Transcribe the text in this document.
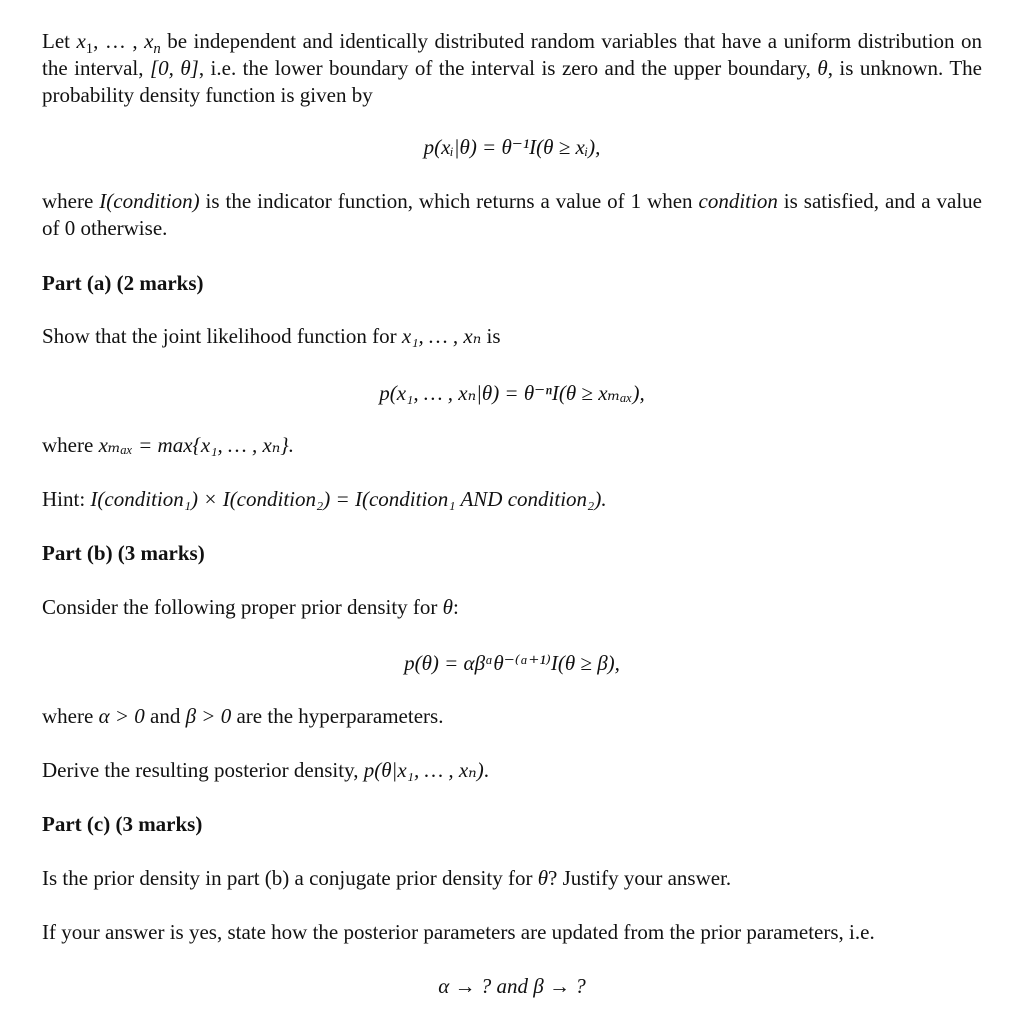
Let $x_1$, … , $x_n$ be independent and identically distributed random variables that have a uniform distribution on the interval, [0, θ], i.e. the lower boundary of the interval is zero and the upper boundary, θ, is unknown. The probability density function is given by

p(xᵢ|θ) = θ⁻¹I(θ ≥ xᵢ),

where I(condition) is the indicator function, which returns a value of 1 when condition is satisfied, and a value of 0 otherwise.

Part (a) (2 marks)

Show that the joint likelihood function for x₁, … , xₙ is

p(x₁, … , xₙ|θ) = θ⁻ⁿI(θ ≥ xₘₐₓ),

where xₘₐₓ = max{x₁, … , xₙ}.

Hint: I(condition₁) × I(condition₂) = I(condition₁ AND condition₂).

Part (b) (3 marks)

Consider the following proper prior density for θ:

p(θ) = αβᵅθ⁻⁽ᵅ⁺¹⁾I(θ ≥ β),

where α > 0 and β > 0 are the hyperparameters.

Derive the resulting posterior density, p(θ|x₁, … , xₙ).

Part (c) (3 marks)

Is the prior density in part (b) a conjugate prior density for θ? Justify your answer.

If your answer is yes, state how the posterior parameters are updated from the prior parameters, i.e.

α → ? and β → ?
